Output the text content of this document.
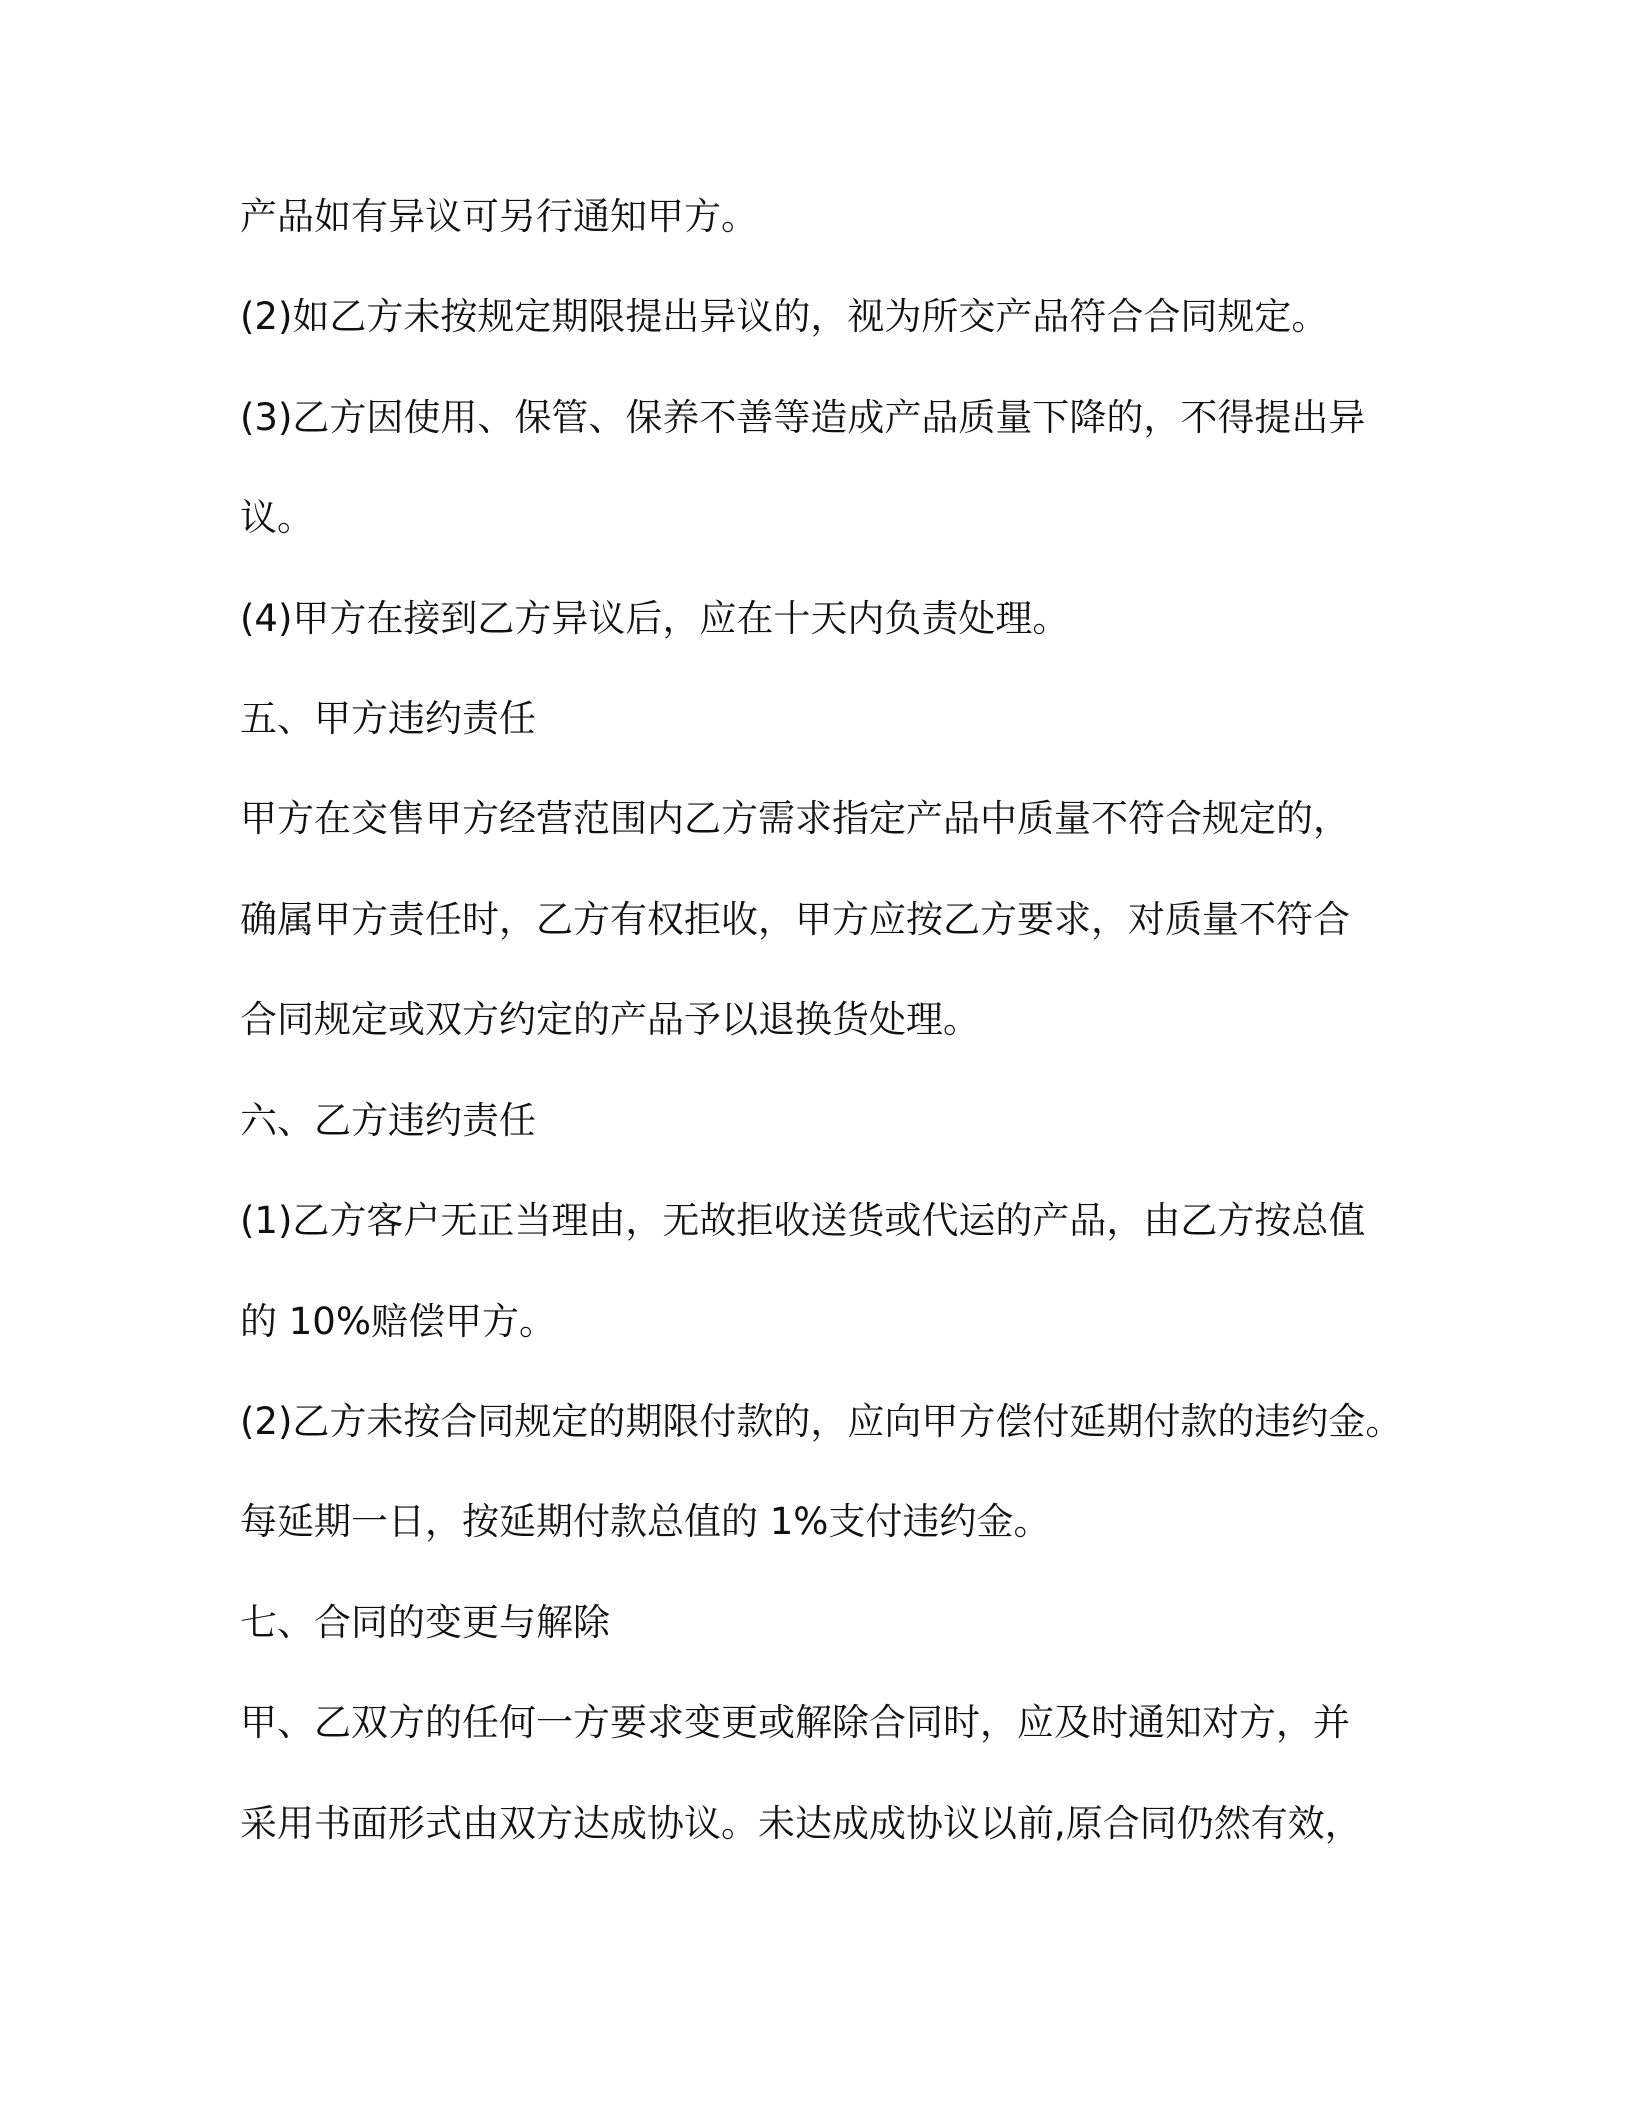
产品如有异议可另行通知甲方。
(2)如乙方未按规定期限提出异议的，视为所交产品符合合同规定。
(3)乙方因使用、保管、保养不善等造成产品质量下降的，不得提出异
议。
(4)甲方在接到乙方异议后，应在十天内负责处理。
五、甲方违约责任
甲方在交售甲方经营范围内乙方需求指定产品中质量不符合规定的，
确属甲方责任时，乙方有权拒收，甲方应按乙方要求，对质量不符合
合同规定或双方约定的产品予以退换货处理。
六、乙方违约责任
(1)乙方客户无正当理由，无故拒收送货或代运的产品，由乙方按总值
的 10%赔偿甲方。
(2)乙方未按合同规定的期限付款的，应向甲方偿付延期付款的违约金。
每延期一日，按延期付款总值的 1%支付违约金。
七、合同的变更与解除
甲、乙双方的任何一方要求变更或解除合同时，应及时通知对方，并
采用书面形式由双方达成协议。未达成成协议以前,原合同仍然有效，
